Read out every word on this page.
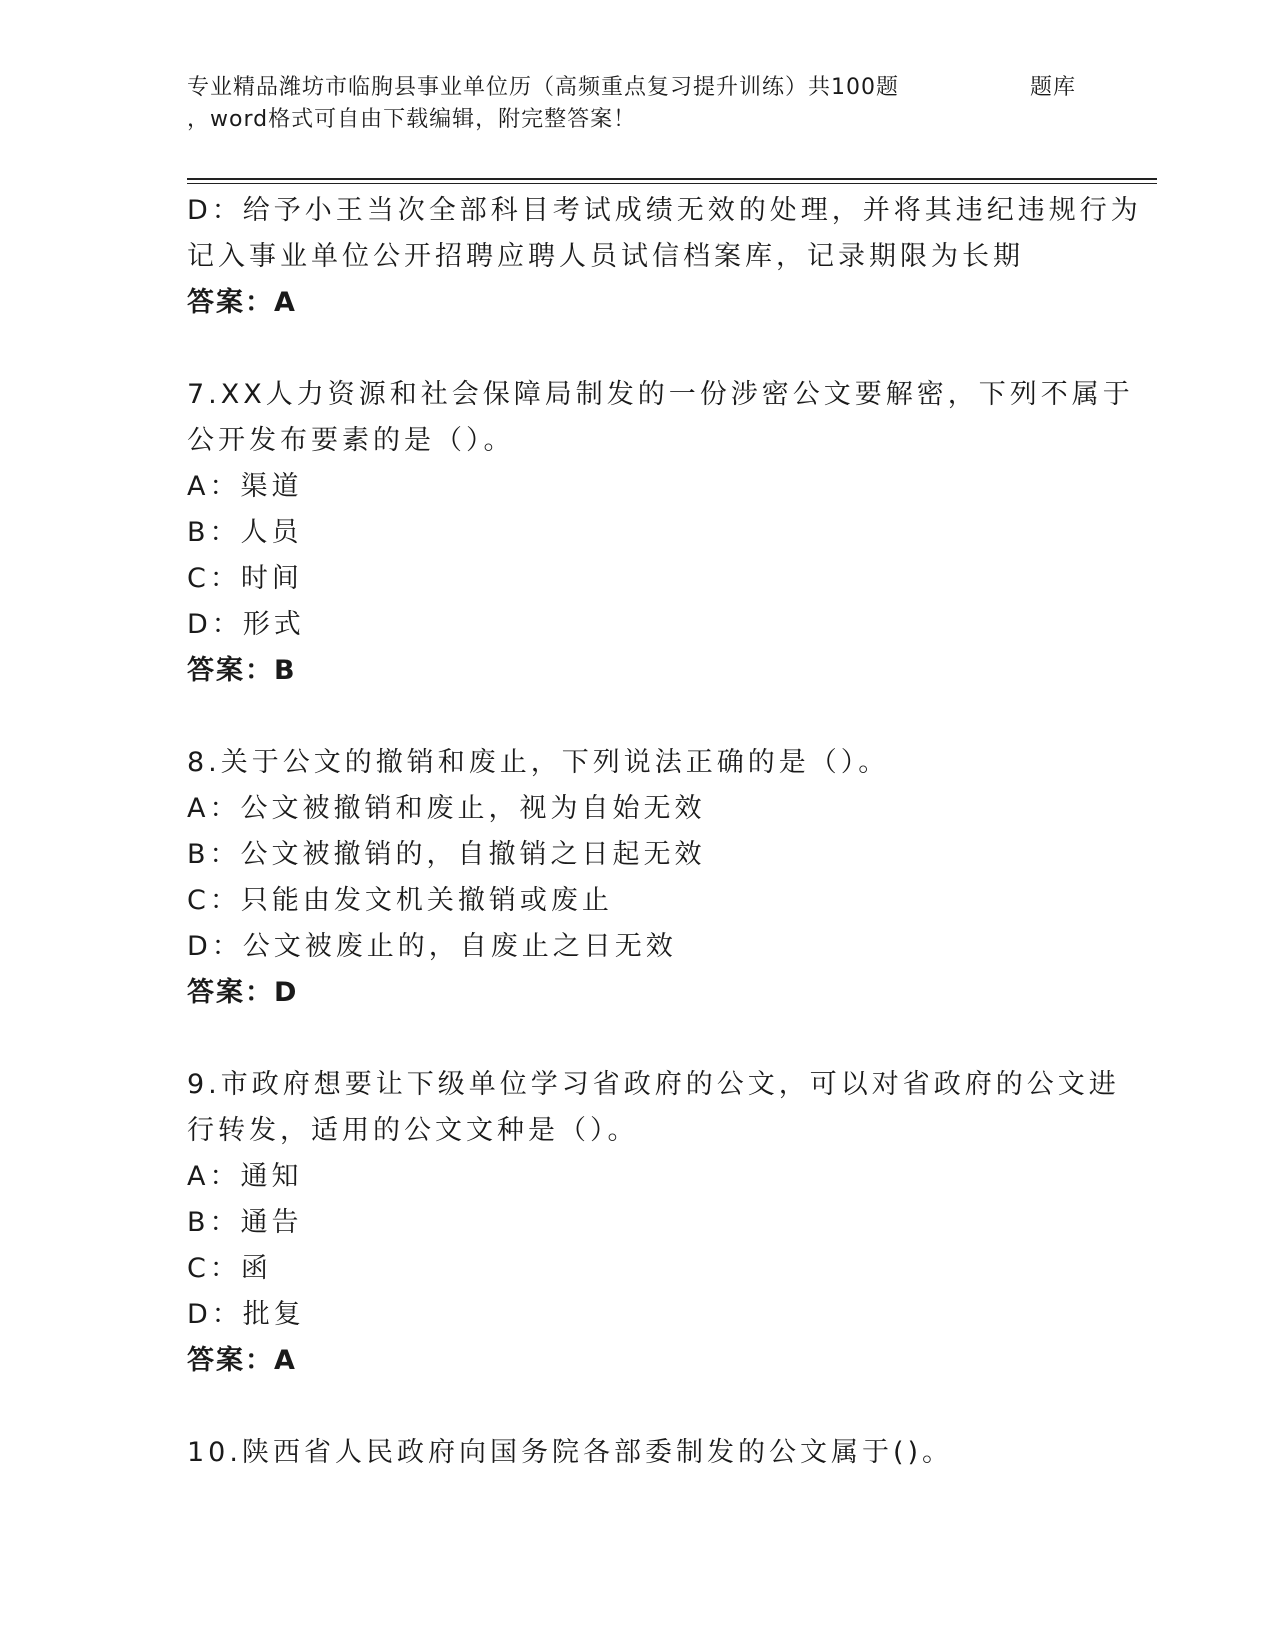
专业精品潍坊市临朐县事业单位历（高频重点复习提升训练）共100题	题库
，word格式可自由下载编辑，附完整答案！
D：给予小王当次全部科目考试成绩无效的处理，并将其违纪违规行为
记入事业单位公开招聘应聘人员试信档案库，记录期限为长期
答案：A
7.XX人力资源和社会保障局制发的一份涉密公文要解密，下列不属于
公开发布要素的是（）。
A：渠道
B：人员
C：时间
D：形式
答案：B
8.关于公文的撤销和废止，下列说法正确的是（）。
A：公文被撤销和废止，视为自始无效
B：公文被撤销的，自撤销之日起无效
C：只能由发文机关撤销或废止
D：公文被废止的，自废止之日无效
答案：D
9.市政府想要让下级单位学习省政府的公文，可以对省政府的公文进
行转发，适用的公文文种是（）。
A：通知
B：通告
C：函
D：批复
答案：A
10.陕西省人民政府向国务院各部委制发的公文属于()。
